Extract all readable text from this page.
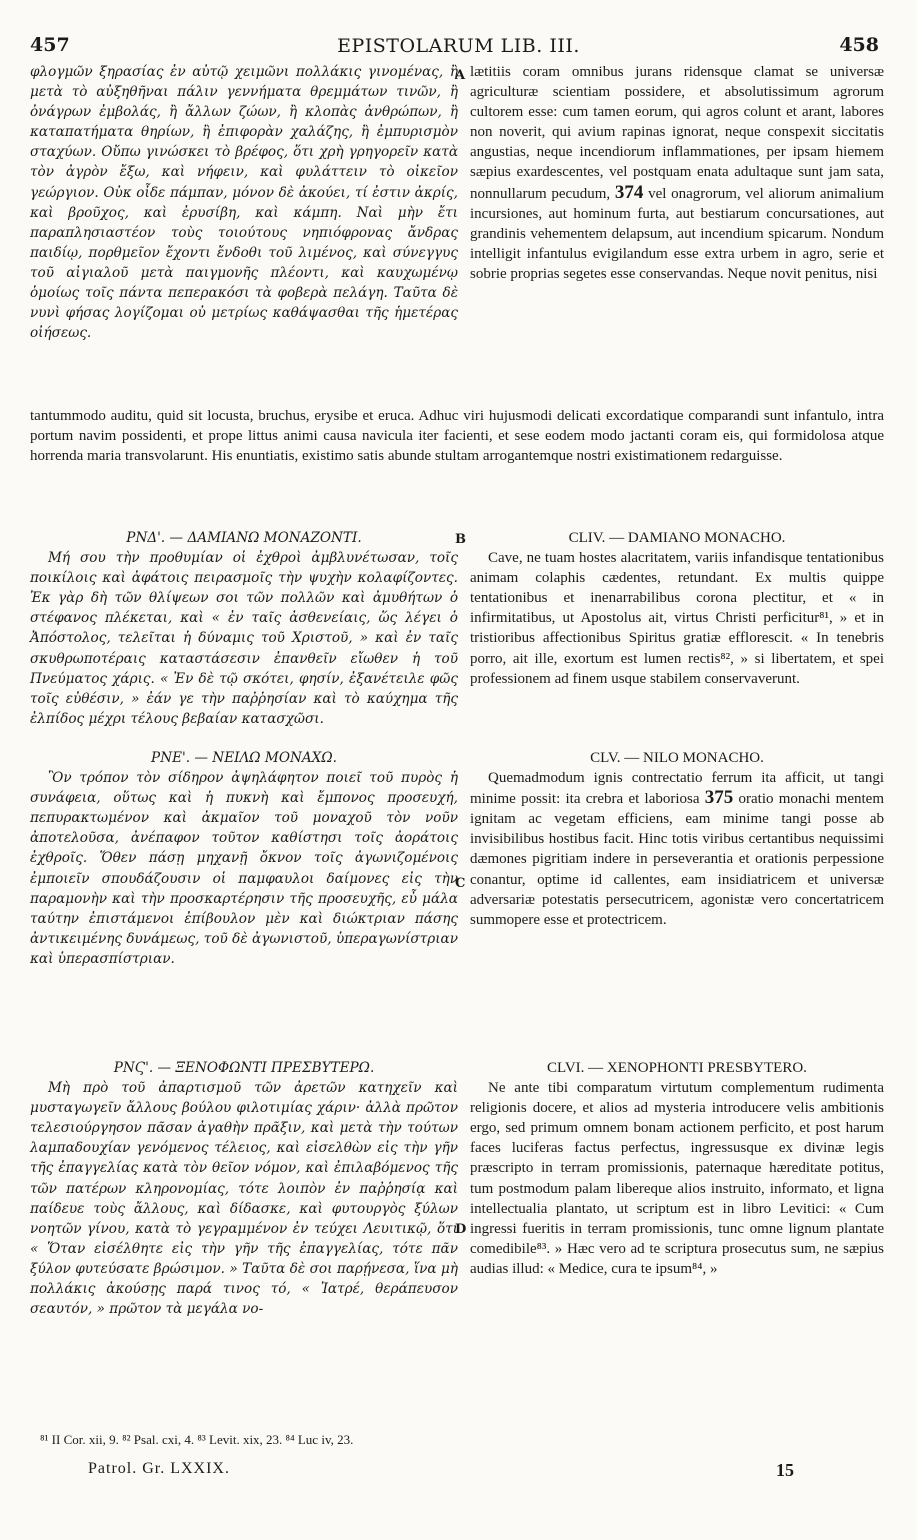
457	EPISTOLARUM LIB. III.	458

φλογμῶν ξηρασίας ἐν αὐτῷ χειμῶνι πολλάκις γινομένας, ἢ μετὰ τὸ αὐξηθῆναι πάλιν γεννήματα θρεμμάτων τινῶν, ἢ ὀνάγρων ἐμβολάς, ἢ ἄλλων ζώων, ἢ κλοπὰς ἀνθρώπων, ἢ καταπατήματα θηρίων, ἢ ἐπιφορὰν χαλάζης, ἢ ἐμπυρισμὸν σταχύων. Οὔπω γινώσκει τὸ βρέφος, ὅτι χρὴ γρηγορεῖν κατὰ τὸν ἀγρὸν ἔξω, καὶ νήφειν, καὶ φυλάττειν τὸ οἰκεῖον γεώργιον. Οὐκ οἶδε πάμπαν, μόνον δὲ ἀκούει, τί ἐστιν ἀκρίς, καὶ βροῦχος, καὶ ἐρυσίβη, καὶ κάμπη. Ναὶ μὴν ἔτι παραπλησιαστέον τοὺς τοιούτους νηπιόφρονας ἄνδρας παιδίῳ, πορθμεῖον ἔχοντι ἔνδοθι τοῦ λιμένος, καὶ σύνεγγυς τοῦ αἰγιαλοῦ μετὰ παιγμονῆς πλέοντι, καὶ καυχωμένῳ ὁμοίως τοῖς πάντα πεπερακόσι τὰ φοβερὰ πελάγη. Ταῦτα δὲ νυνὶ φήσας λογίζομαι οὐ μετρίως καθάψασθαι τῆς ἡμετέρας οἰήσεως.

A lætitiis coram omnibus jurans ridensque clamat se universæ agriculturæ scientiam possidere, et absolutissimum agrorum cultorem esse: cum tamen eorum, qui agros colunt et arant, labores non noverit, qui avium rapinas ignorat, neque conspexit siccitatis angustias, neque incendiorum inflammationes, per ipsam hiemem sæpius exardescentes, vel postquam enata adultaque sunt jam sata, nonnullarum pecudum, 374 vel onagrorum, vel aliorum animalium incursiones, aut hominum furta, aut bestiarum concursationes, aut grandinis vehementem delapsum, aut incendium spicarum. Nondum intelligit infantulus evigilandum esse extra urbem in agro, serie et sobrie proprias segetes esse conservandas. Neque novit penitus, nisi

tantummodo auditu, quid sit locusta, bruchus, erysibe et eruca. Adhuc viri hujusmodi delicati excordatique comparandi sunt infantulo, intra portum navim possidenti, et prope littus animi causa navicula iter facienti, et sese eodem modo jactanti coram eis, qui formidolosa atque horrenda maria transvolarunt. His enuntiatis, existimo satis abunde stultam arrogantemque nostri existimationem redarguisse.

ΡΝΔ'. — ΔΑΜΙΑΝΩ ΜΟΝΑΖΟΝΤΙ.

Μή σου τὴν προθυμίαν οἱ ἐχθροὶ ἀμβλυνέτωσαν, τοῖς ποικίλοις καὶ ἀφάτοις πειρασμοῖς τὴν ψυχὴν κολαφίζοντες. Ἐκ γὰρ δὴ τῶν θλίψεων σοι τῶν πολλῶν καὶ ἀμυθήτων ὁ στέφανος πλέκεται, καὶ « ἐν ταῖς ἀσθενείαις, ὥς λέγει ὁ Ἀπόστολος, τελεῖται ἡ δύναμις τοῦ Χριστοῦ, » καὶ ἐν ταῖς σκυθρωποτέραις καταστάσεσιν ἐπανθεῖν εἴωθεν ἡ τοῦ Πνεύματος χάρις. « Ἐν δὲ τῷ σκότει, φησίν, ἐξανέτειλε φῶς τοῖς εὐθέσιν, » ἐάν γε τὴν παῤῥησίαν καὶ τὸ καύχημα τῆς ἐλπίδος μέχρι τέλους βεβαίαν κατασχῶσι.

B	CLIV. — DAMIANO MONACHO.

Cave, ne tuam hostes alacritatem, variis infandisque tentationibus animam colaphis cædentes, retundant. Ex multis quippe tentationibus et inenarrabilibus corona plectitur, et « in infirmitatibus, ut Apostolus ait, virtus Christi perficitur⁸¹, » et in tristioribus affectionibus Spiritus gratiæ efflorescit. « In tenebris porro, ait ille, exortum est lumen rectis⁸², » si libertatem, et spei professionem ad finem usque stabilem conservaverunt.

ΡΝΕ'. — ΝΕΙΛΩ ΜΟΝΑΧΩ.

Ὃν τρόπον τὸν σίδηρον ἀψηλάφητον ποιεῖ τοῦ πυρὸς ἡ συνάφεια, οὕτως καὶ ἡ πυκνὴ καὶ ἔμπονος προσευχή, πεπυρακτωμένον καὶ ἀκμαῖον τοῦ μοναχοῦ τὸν νοῦν ἀποτελοῦσα, ἀνέπαφον τοῦτον καθίστησι τοῖς ἀοράτοις ἐχθροῖς. Ὅθεν πάσῃ μηχανῇ ὄκνον τοῖς ἀγωνιζομένοις ἐμποιεῖν σπουδάζουσιν οἱ παμφαυλοι δαίμονες εἰς τὴν παραμονὴν καὶ τὴν προσκαρτέρησιν τῆς προσευχῆς, εὖ μάλα ταύτην ἐπιστάμενοι ἐπίβουλον μὲν καὶ διώκτριαν πάσης ἀντικειμένης δυνάμεως, τοῦ δὲ ἀγωνιστοῦ, ὑπεραγωνίστριαν καὶ ὑπερασπίστριαν.

C

CLV. — NILO MONACHO.

Quemadmodum ignis contrectatio ferrum ita afficit, ut tangi minime possit: ita crebra et laboriosa 375 oratio monachi mentem ignitam ac vegetam efficiens, eam minime tangi posse ab invisibilibus hostibus facit. Hinc totis viribus certantibus nequissimi dæmones pigritiam indere in perseverantia et orationis perpessione conantur, optime id callentes, eam insidiatricem et universæ adversariæ potestatis persecutricem, agonistæ vero concertatricem summopere esse et protectricem.

ΡΝϚ'. — ΞΕΝΟΦΩΝΤΙ ΠΡΕΣΒΥΤΕΡΩ.

Μὴ πρὸ τοῦ ἀπαρτισμοῦ τῶν ἀρετῶν κατηχεῖν καὶ μυσταγωγεῖν ἄλλους βούλου φιλοτιμίας χάριν· ἀλλὰ πρῶτον τελεσιούργησον πᾶσαν ἀγαθὴν πρᾶξιν, καὶ μετὰ τὴν τούτων λαμπαδουχίαν γενόμενος τέλειος, καὶ εἰσελθὼν εἰς τὴν γῆν τῆς ἐπαγγελίας κατὰ τὸν θεῖον νόμον, καὶ ἐπιλαβόμενος τῆς τῶν πατέρων κληρονομίας, τότε λοιπὸν ἐν παῤῥησίᾳ καὶ παίδευε τοὺς ἄλλους, καὶ δίδασκε, καὶ φυτουργὸς ξύλων νοητῶν γίνου, κατὰ τὸ γεγραμμένον ἐν τεύχει Λευιτικῷ, ὅτι « Ὅταν εἰσέλθητε εἰς τὴν γῆν τῆς ἐπαγγελίας, τότε πᾶν ξύλον φυτεύσατε βρώσιμον. » Ταῦτα δὲ σοι παρῄνεσα, ἵνα μὴ πολλάκις ἀκούσῃς παρά τινος τό, « Ἰατρέ, θεράπευσον σεαυτόν, » πρῶτον τὰ μεγάλα νο-

D

CLVI. — XENOPHONTI PRESBYTERO.

Ne ante tibi comparatum virtutum complementum rudimenta religionis docere, et alios ad mysteria introducere velis ambitionis ergo, sed primum omnem bonam actionem perficito, et post harum faces luciferas factus perfectus, ingressusque ex divinæ legis præscripto in terram promissionis, paternaque hæreditate potitus, tum postmodum palam libereque alios instruito, informato, et ligna intellectualia plantato, ut scriptum est in libro Levitici: « Cum ingressi fueritis in terram promissionis, tunc omne lignum plantate comedibile⁸³. » Hæc vero ad te scriptura prosecutus sum, ne sæpius audias illud: « Medice, cura te ipsum⁸⁴, »

⁸¹ II Cor. xii, 9. ⁸² Psal. cxi, 4. ⁸³ Levit. xix, 23. ⁸⁴ Luc iv, 23.
Patrol. Gr. LXXIX.	15
